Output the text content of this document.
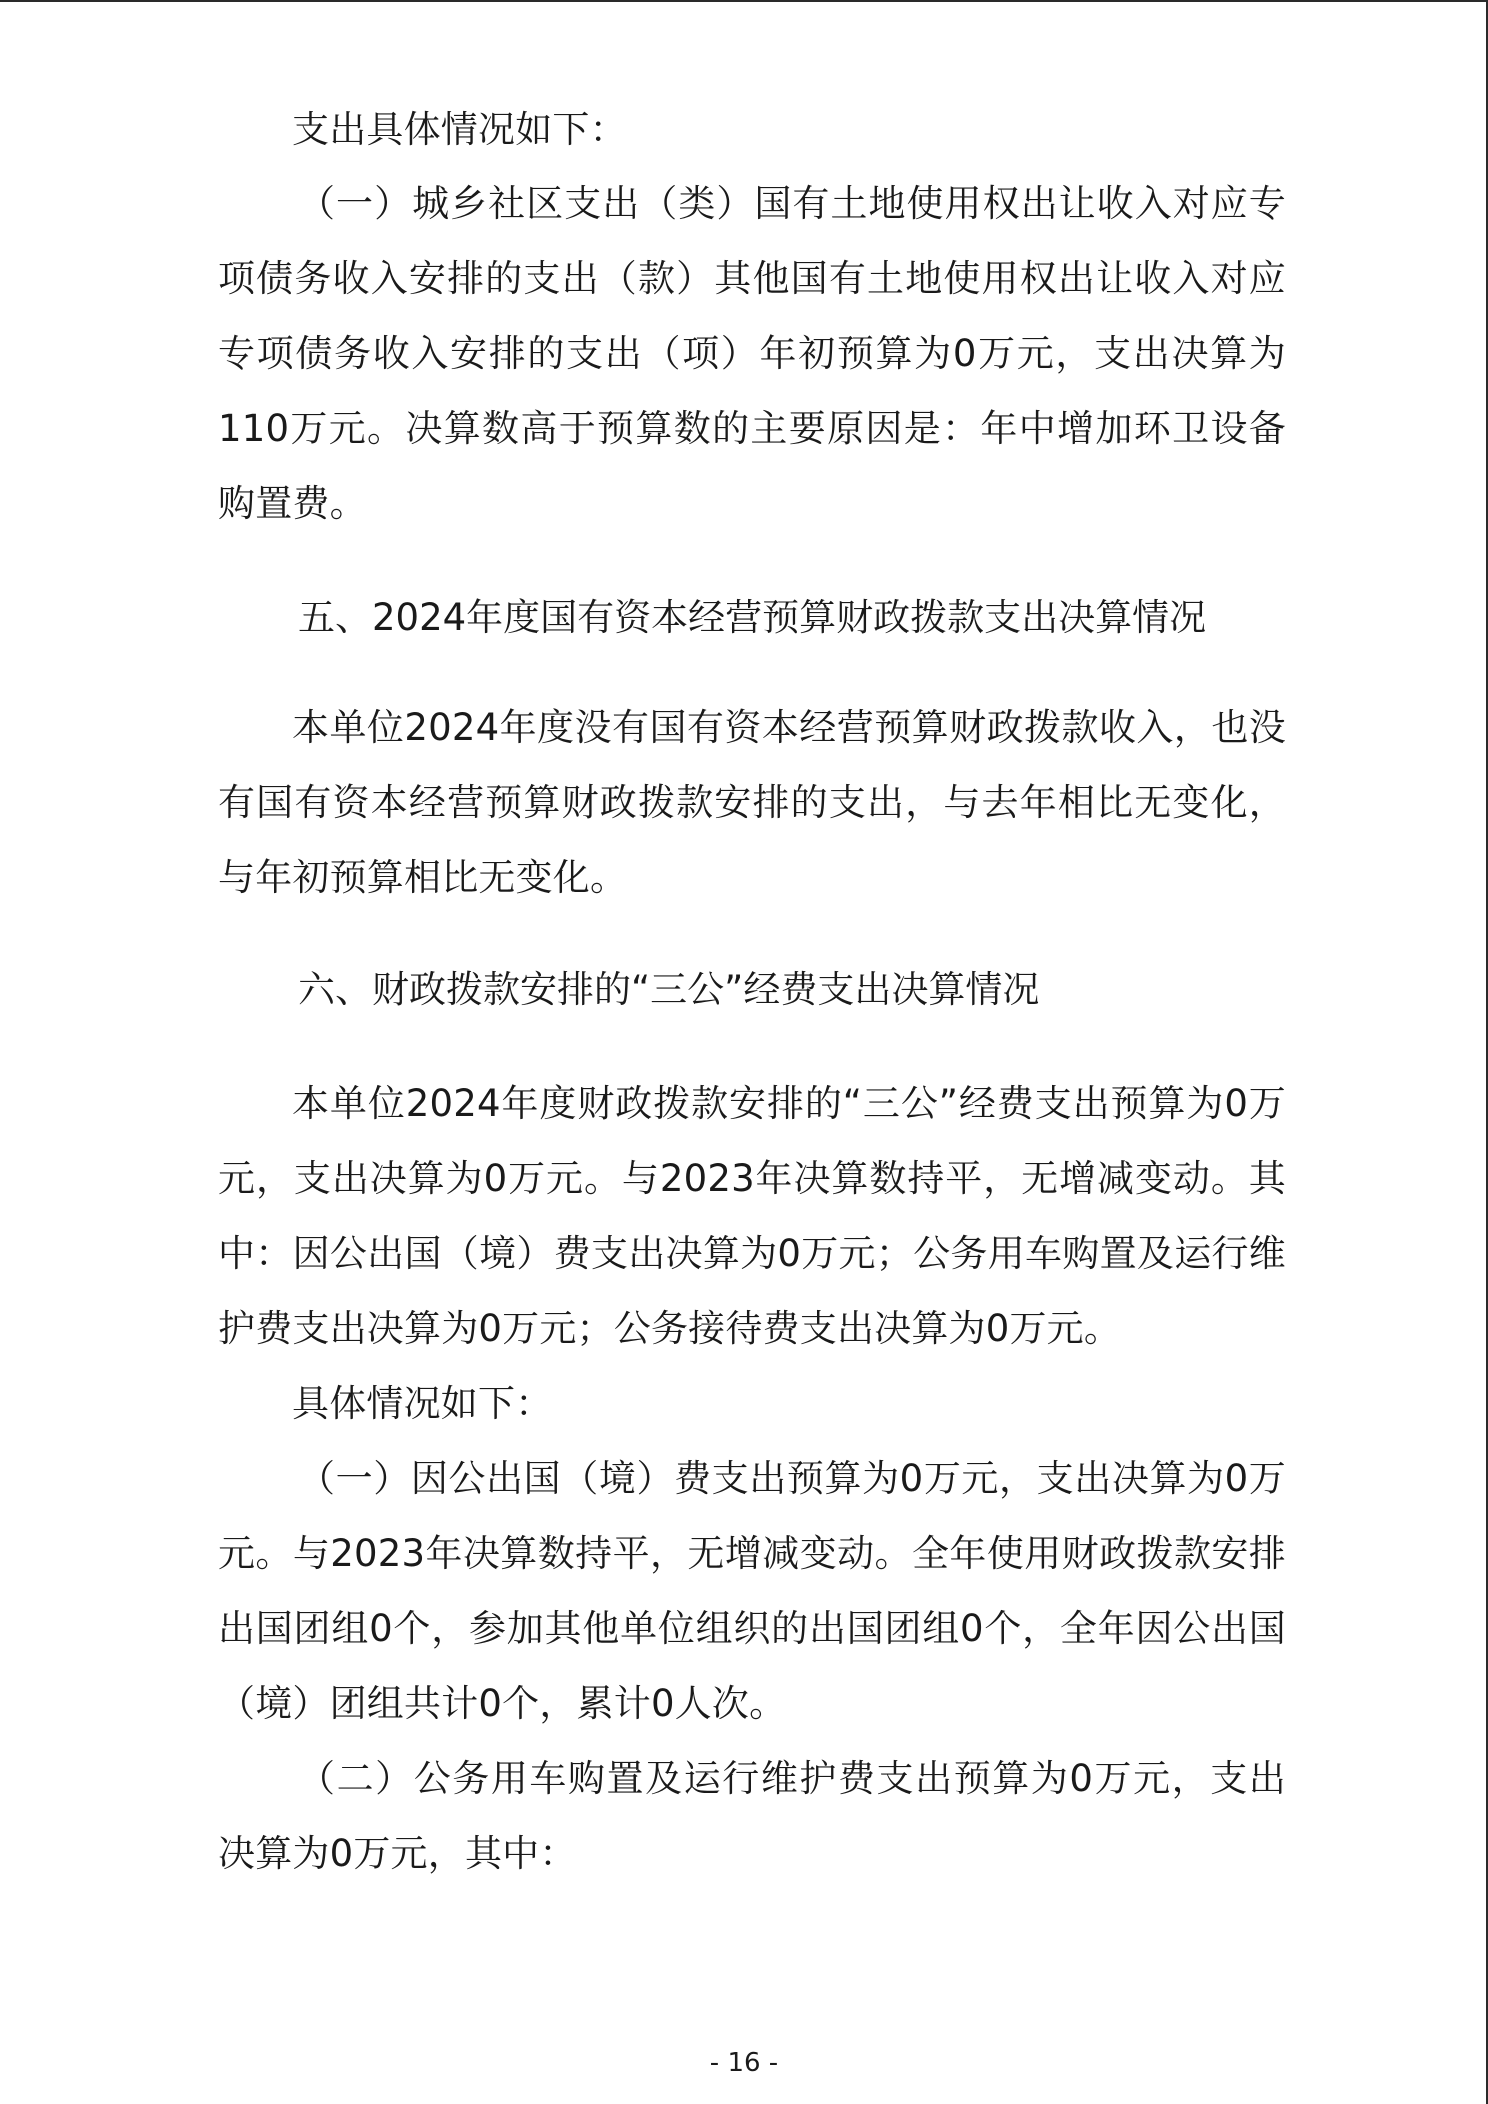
支出具体情况如下：

（一）城乡社区支出（类）国有土地使用权出让收入对应专项债务收入安排的支出（款）其他国有土地使用权出让收入对应专项债务收入安排的支出（项）年初预算为0万元，支出决算为110万元。决算数高于预算数的主要原因是：年中增加环卫设备购置费。

五、2024年度国有资本经营预算财政拨款支出决算情况

本单位2024年度没有国有资本经营预算财政拨款收入，也没有国有资本经营预算财政拨款安排的支出，与去年相比无变化，与年初预算相比无变化。

六、财政拨款安排的“三公”经费支出决算情况

本单位2024年度财政拨款安排的“三公”经费支出预算为0万元，支出决算为0万元。与2023年决算数持平，无增减变动。其中：因公出国（境）费支出决算为0万元；公务用车购置及运行维护费支出决算为0万元；公务接待费支出决算为0万元。

具体情况如下：

（一）因公出国（境）费支出预算为0万元，支出决算为0万元。与2023年决算数持平，无增减变动。全年使用财政拨款安排出国团组0个，参加其他单位组织的出国团组0个，全年因公出国（境）团组共计0个，累计0人次。

（二）公务用车购置及运行维护费支出预算为0万元，支出决算为0万元，其中：

- 16 -
